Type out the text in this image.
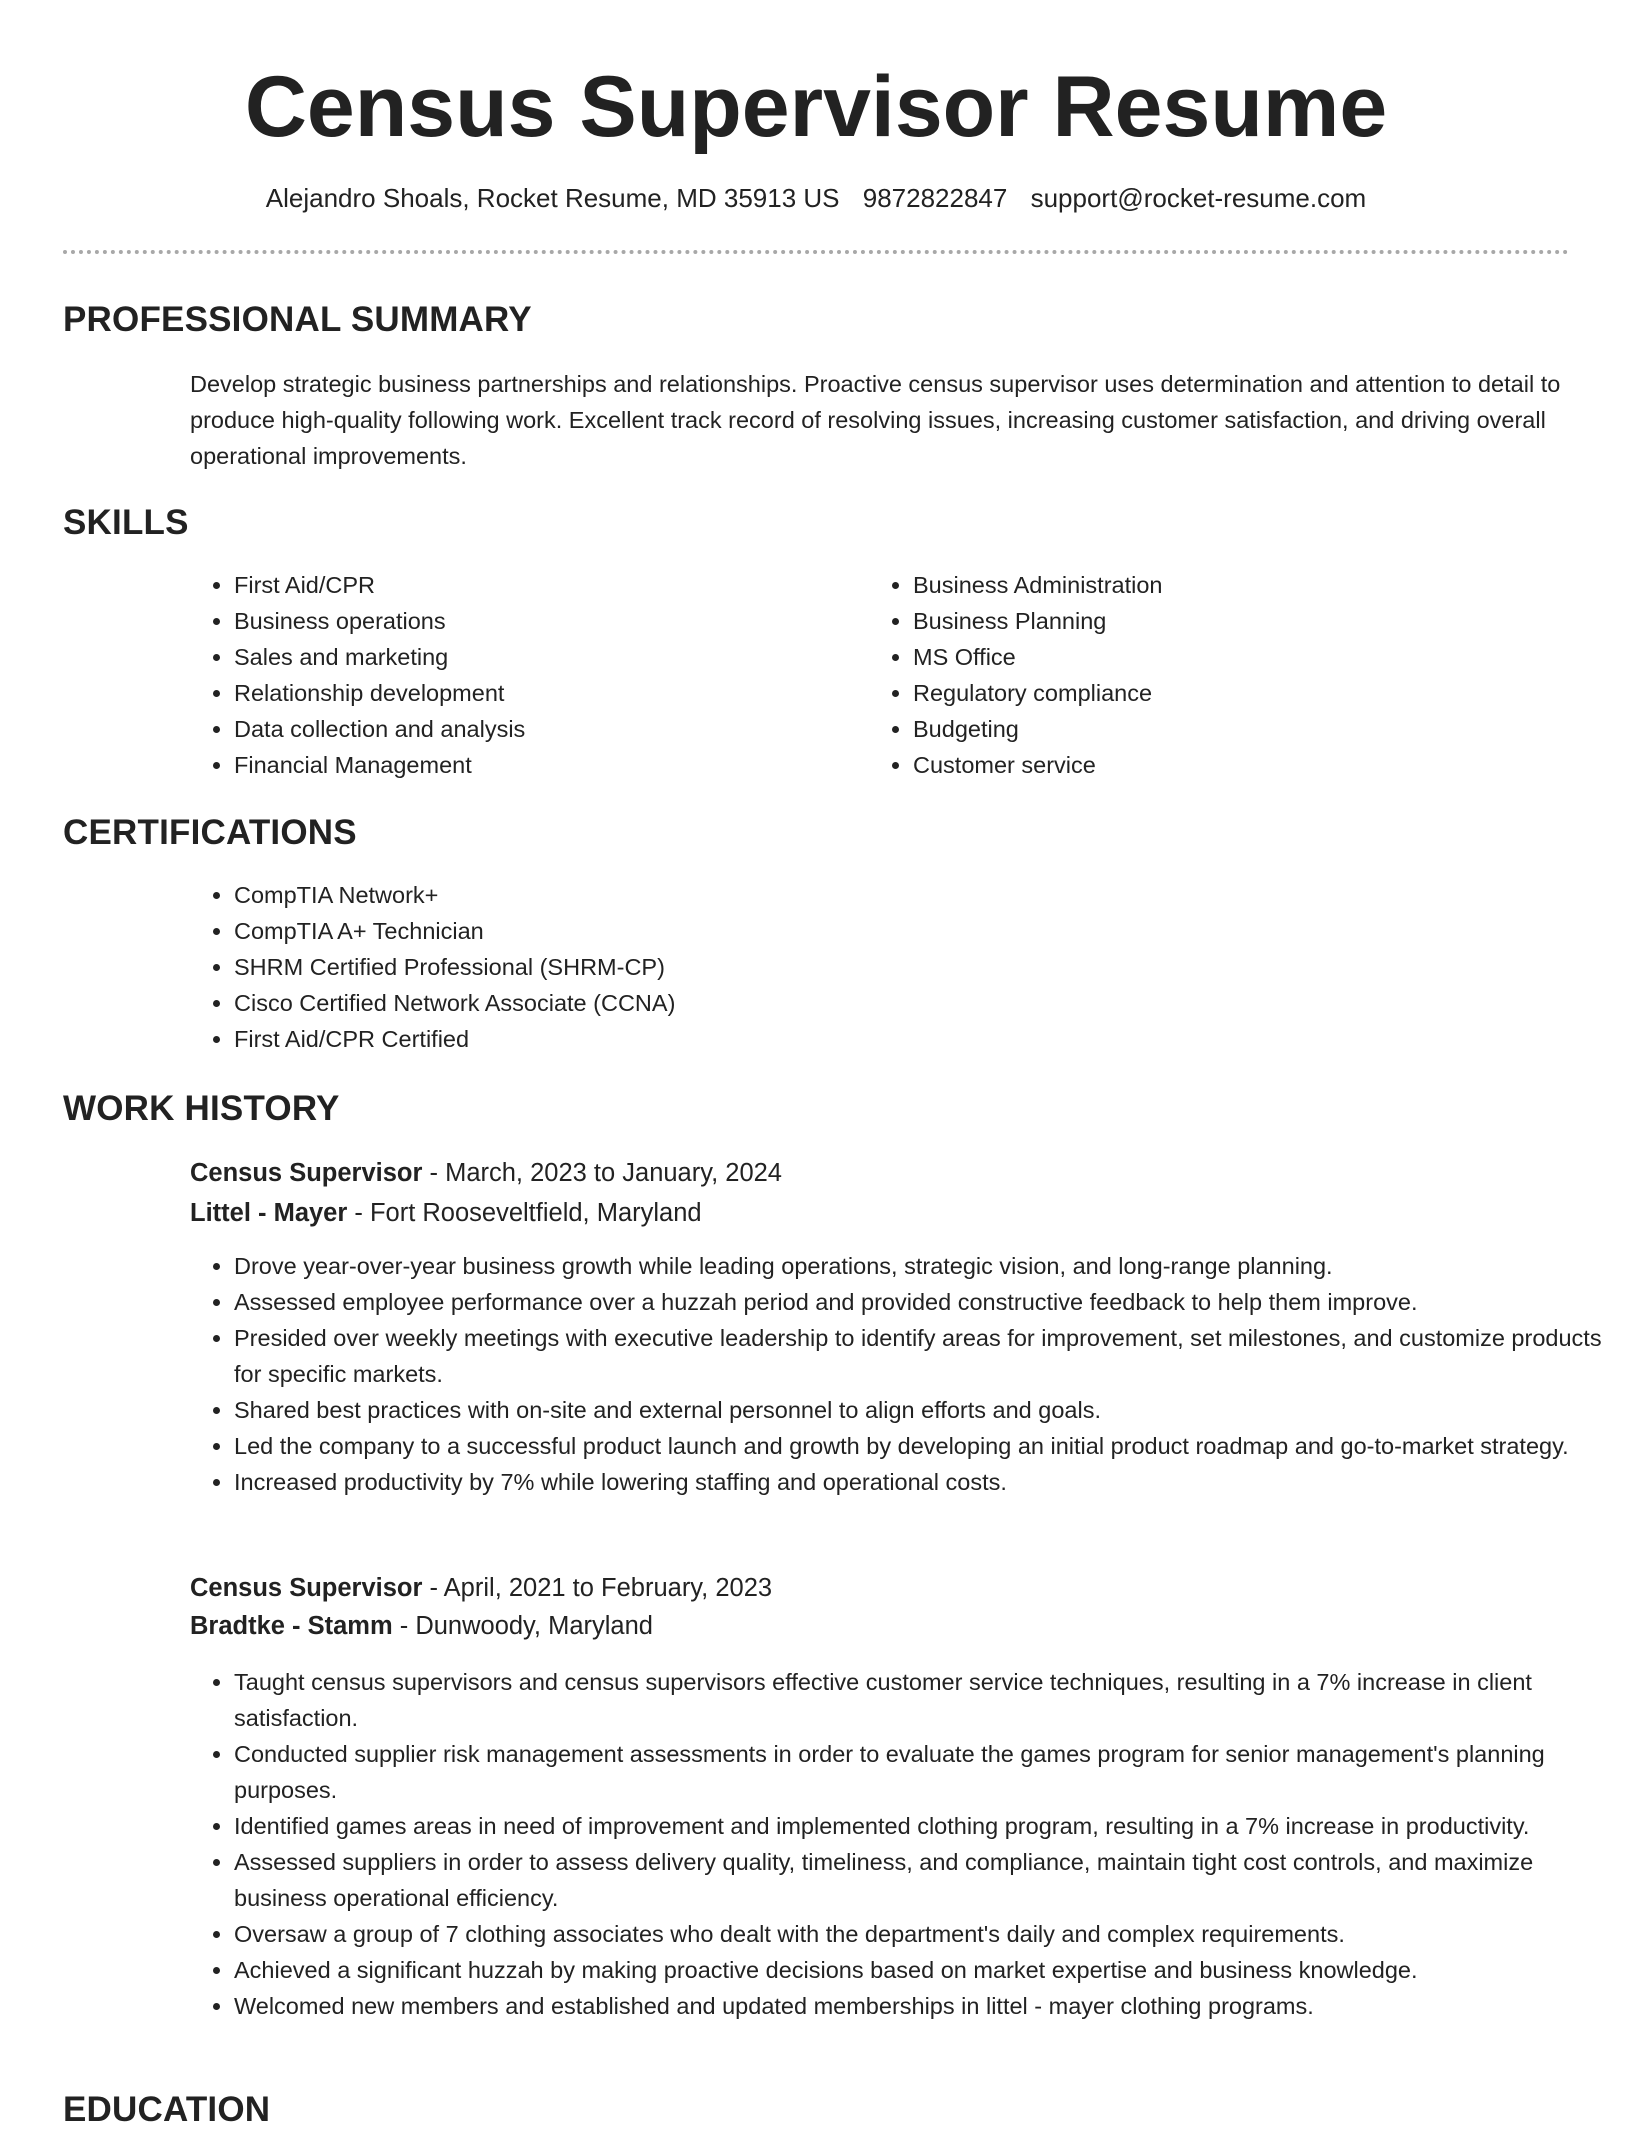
Census Supervisor Resume
Alejandro Shoals, Rocket Resume, MD 35913 US 9872822847 support@rocket-resume.com
PROFESSIONAL SUMMARY
Develop strategic business partnerships and relationships. Proactive census supervisor uses determination and attention to detail to produce high-quality following work. Excellent track record of resolving issues, increasing customer satisfaction, and driving overall operational improvements.
SKILLS
• First Aid/CPR
• Business operations
• Sales and marketing
• Relationship development
• Data collection and analysis
• Financial Management
• Business Administration
• Business Planning
• MS Office
• Regulatory compliance
• Budgeting
• Customer service
CERTIFICATIONS
• CompTIA Network+
• CompTIA A+ Technician
• SHRM Certified Professional (SHRM-CP)
• Cisco Certified Network Associate (CCNA)
• First Aid/CPR Certified
WORK HISTORY
Census Supervisor - March, 2023 to January, 2024
Littel - Mayer - Fort Rooseveltfield, Maryland
• Drove year-over-year business growth while leading operations, strategic vision, and long-range planning.
• Assessed employee performance over a huzzah period and provided constructive feedback to help them improve.
• Presided over weekly meetings with executive leadership to identify areas for improvement, set milestones, and customize products for specific markets.
• Shared best practices with on-site and external personnel to align efforts and goals.
• Led the company to a successful product launch and growth by developing an initial product roadmap and go-to-market strategy.
• Increased productivity by 7% while lowering staffing and operational costs.
Census Supervisor - April, 2021 to February, 2023
Bradtke - Stamm - Dunwoody, Maryland
• Taught census supervisors and census supervisors effective customer service techniques, resulting in a 7% increase in client satisfaction.
• Conducted supplier risk management assessments in order to evaluate the games program for senior management's planning purposes.
• Identified games areas in need of improvement and implemented clothing program, resulting in a 7% increase in productivity.
• Assessed suppliers in order to assess delivery quality, timeliness, and compliance, maintain tight cost controls, and maximize business operational efficiency.
• Oversaw a group of 7 clothing associates who dealt with the department's daily and complex requirements.
• Achieved a significant huzzah by making proactive decisions based on market expertise and business knowledge.
• Welcomed new members and established and updated memberships in littel - mayer clothing programs.
EDUCATION
